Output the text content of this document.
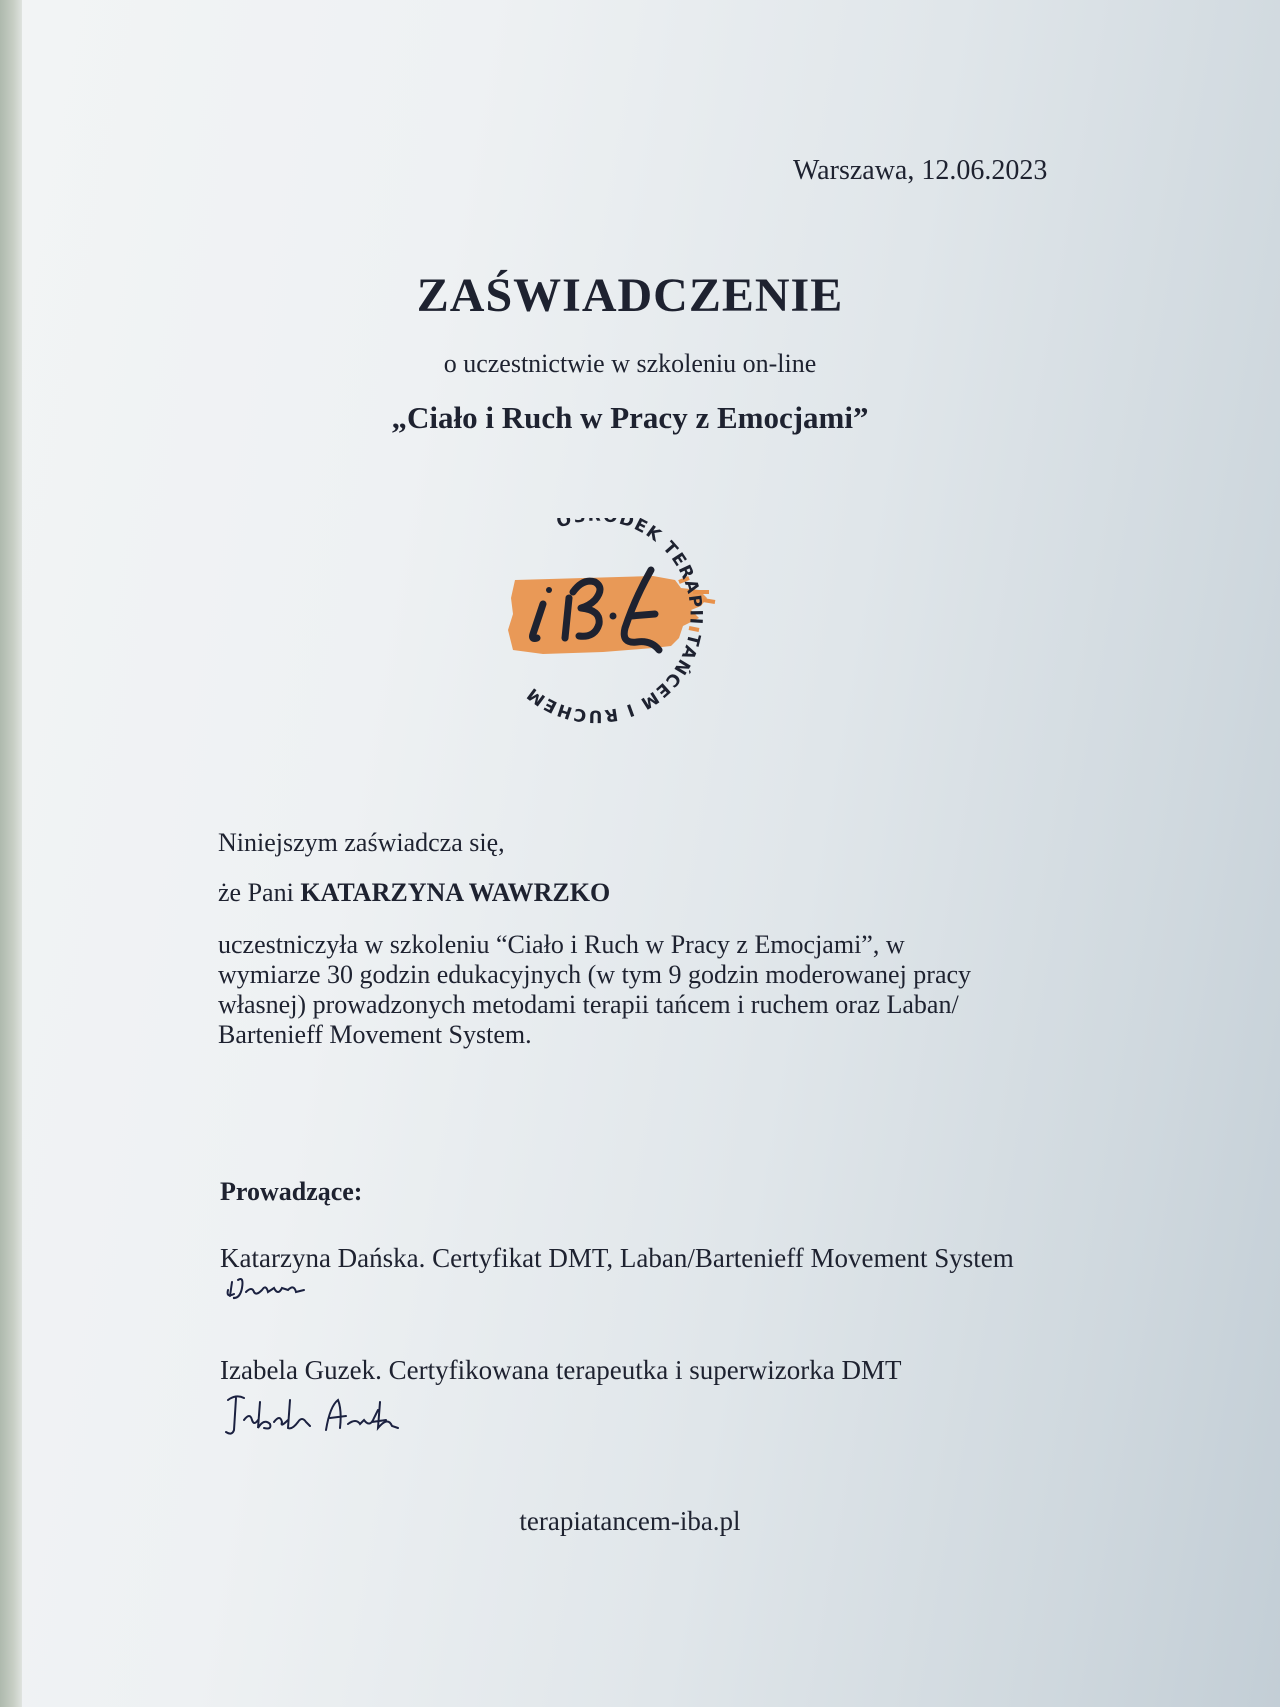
Warszawa, 12.06.2023
ZAŚWIADCZENIE
o uczestnictwie w szkoleniu on-line
„Ciało i Ruch w Pracy z Emocjami”
O DEK TERAPII TAŃCEM I RUCHEM
Niniejszym zaświadcza się,
że Pani KATARZYNA WAWRZKO
uczestniczyła w szkoleniu “Ciało i Ruch w Pracy z Emocjami”, w
wymiarze 30 godzin edukacyjnych (w tym 9 godzin moderowanej pracy
własnej) prowadzonych metodami terapii tańcem i ruchem oraz Laban/
Bartenieff Movement System.
Prowadzące:
Katarzyna Dańska. Certyfikat DMT, Laban/Bartenieff Movement System
Izabela Guzek. Certyfikowana terapeutka i superwizorka DMT
terapiatancem-iba.pl
